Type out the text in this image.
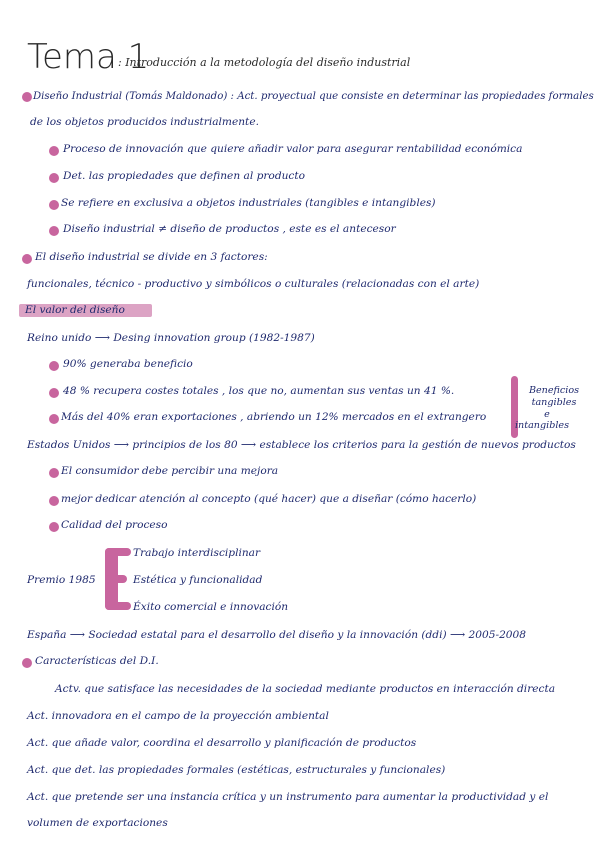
Tema 1
: Introducción a la metodología del diseño industrial
Diseño Industrial (Tomás Maldonado) : Act. proyectual que consiste en determinar las propiedades formales
de los objetos producidos industrialmente.
Proceso de innovación que quiere añadir valor para asegurar rentabilidad económica
Det. las propiedades que definen al producto
Se refiere en exclusiva a objetos industriales (tangibles e intangibles)
Diseño industrial ≠ diseño de productos , este es el antecesor
El diseño industrial se divide en 3 factores:
funcionales, técnico - productivo y simbólicos o culturales (relacionadas con el arte)
El valor del diseño
Reino unido ⟶ Desing innovation group (1982-1987)
90% generaba beneficio
48 % recupera costes totales , los que no, aumentan sus ventas un 41 %.
Más del 40% eran exportaciones , abriendo un 12% mercados en el extrangero
Beneficios
tangibles
e
intangibles
Estados Unidos ⟶ principios de los 80 ⟶ establece los criterios para la gestión de nuevos productos
El consumidor debe percibir una mejora
mejor dedicar atención al concepto (qué hacer) que a diseñar (cómo hacerlo)
Calidad del proceso
Premio 1985
Trabajo interdisciplinar
Estética y funcionalidad
Éxito comercial e innovación
España ⟶ Sociedad estatal para el desarrollo del diseño y la innovación (ddi) ⟶ 2005-2008
Características del D.I.
Actv. que satisface las necesidades de la sociedad mediante productos en interacción directa
Act. innovadora en el campo de la proyección ambiental
Act. que añade valor, coordina el desarrollo y planificación de productos
Act. que det. las propiedades formales (estéticas, estructurales y funcionales)
Act. que pretende ser una instancia crítica y un instrumento para aumentar la productividad y el
volumen de exportaciones
